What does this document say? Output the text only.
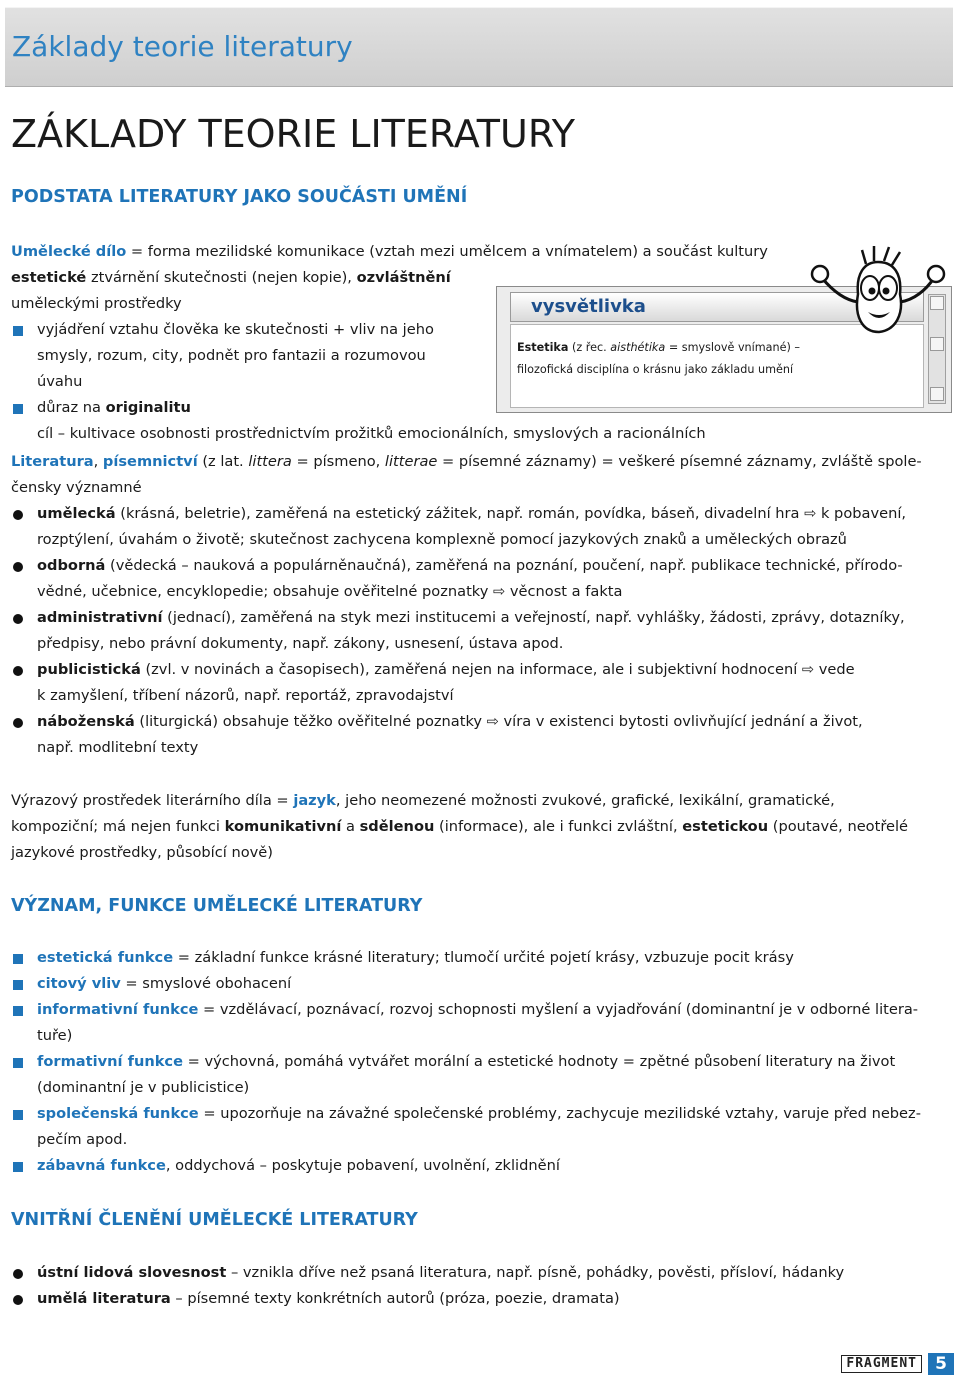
Základy teorie literatury
ZÁKLADY TEORIE LITERATURY
PODSTATA LITERATURY JAKO SOUČÁSTI UMĚNÍ
Umělecké dílo = forma mezilidské komunikace (vztah mezi umělcem a vnímatelem) a součást kultury
estetické ztvárnění skutečnosti (nejen kopie), ozvláštnění
uměleckými prostředky
vyjádření vztahu člověka ke skutečnosti + vliv na jeho
smysly, rozum, city, podnět pro fantazii a rozumovou
úvahu
důraz na originalitu
cíl – kultivace osobnosti prostřednictvím prožitků emocionálních, smyslových a racionálních
vysvětlivka
Estetika (z řec. aisthétika = smyslově vnímané) –
filozofická disciplína o krásnu jako základu umění
Literatura, písemnictví (z lat. littera = písmeno, litterae = písemné záznamy) = veškeré písemné záznamy, zvláště spole-
čensky významné
umělecká (krásná, beletrie), zaměřená na estetický zážitek, např. román, povídka, báseň, divadelní hra ⇨ k pobavení,
rozptýlení, úvahám o životě; skutečnost zachycena komplexně pomocí jazykových znaků a uměleckých obrazů
odborná (vědecká – nauková a populárněnaučná), zaměřená na poznání, poučení, např. publikace technické, přírodo-
vědné, učebnice, encyklopedie; obsahuje ověřitelné poznatky ⇨ věcnost a fakta
administrativní (jednací), zaměřená na styk mezi institucemi a veřejností, např. vyhlášky, žádosti, zprávy, dotazníky,
předpisy, nebo právní dokumenty, např. zákony, usnesení, ústava apod.
publicistická (zvl. v novinách a časopisech), zaměřená nejen na informace, ale i subjektivní hodnocení ⇨ vede
k zamyšlení, tříbení názorů, např. reportáž, zpravodajství
náboženská (liturgická) obsahuje těžko ověřitelné poznatky ⇨ víra v existenci bytosti ovlivňující jednání a život,
např. modlitební texty
Výrazový prostředek literárního díla = jazyk, jeho neomezené možnosti zvukové, grafické, lexikální, gramatické,
kompoziční; má nejen funkci komunikativní a sdělenou (informace), ale i funkci zvláštní, estetickou (poutavé, neotřelé
jazykové prostředky, působící nově)
VÝZNAM, FUNKCE UMĚLECKÉ LITERATURY
estetická funkce = základní funkce krásné literatury; tlumočí určité pojetí krásy, vzbuzuje pocit krásy
citový vliv = smyslové obohacení
informativní funkce = vzdělávací, poznávací, rozvoj schopnosti myšlení a vyjadřování (dominantní je v odborné litera-
tuře)
formativní funkce = výchovná, pomáhá vytvářet morální a estetické hodnoty = zpětné působení literatury na život
(dominantní je v publicistice)
společenská funkce = upozorňuje na závažné společenské problémy, zachycuje mezilidské vztahy, varuje před nebez-
pečím apod.
zábavná funkce, oddychová – poskytuje pobavení, uvolnění, zklidnění
VNITŘNÍ ČLENĚNÍ UMĚLECKÉ LITERATURY
ústní lidová slovesnost – vznikla dříve než psaná literatura, např. písně, pohádky, pověsti, přísloví, hádanky
umělá literatura – písemné texty konkrétních autorů (próza, poezie, dramata)
FRAGMENT	5
